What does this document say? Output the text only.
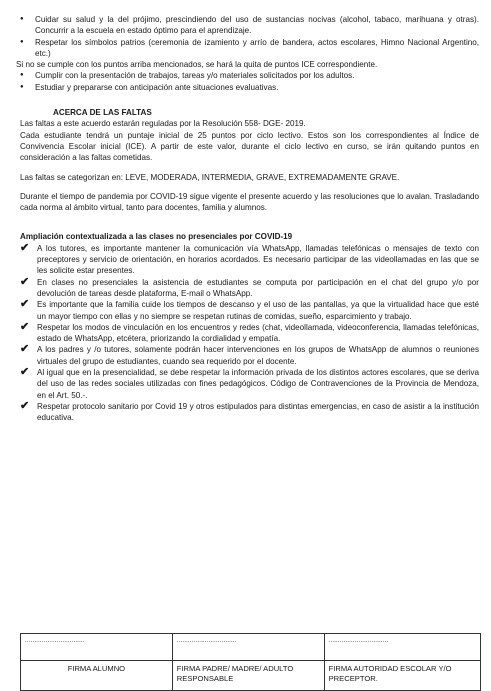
● Cuidar su salud y la del prójimo, prescindiendo del uso de sustancias nocivas (alcohol, tabaco, marihuana y otras). Concurrir a la escuela en estado óptimo para el aprendizaje.

● Respetar los símbolos patrios (ceremonia de izamiento y arrío de bandera, actos escolares, Himno Nacional Argentino, etc.)

Si no se cumple con los puntos arriba mencionados, se hará la quita de puntos ICE correspondiente.

● Cumplir con la presentación de trabajos, tareas y/o materiales solicitados por los adultos.

● Estudiar y prepararse con anticipación ante situaciones evaluativas.

ACERCA DE LAS FALTAS

Las faltas a este acuerdo estarán reguladas por la Resolución 558- DGE- 2019.

Cada estudiante tendrá un puntaje inicial de 25 puntos por ciclo lectivo. Estos son los correspondientes al Índice de Convivencia Escolar inicial (ICE). A partir de este valor, durante el ciclo lectivo en curso, se irán quitando puntos en consideración a las faltas cometidas.

Las faltas se categorizan en: LEVE, MODERADA, INTERMEDIA, GRAVE, EXTREMADAMENTE GRAVE.

Durante el tiempo de pandemia por COVID-19 sigue vigente el presente acuerdo y las resoluciones que lo avalan. Trasladando cada norma al ámbito virtual, tanto para docentes, familia y alumnos.

Ampliación contextualizada a las clases no presenciales por COVID-19

✔ A los tutores, es importante mantener la comunicación vía WhatsApp, llamadas telefónicas o mensajes de texto con preceptores y servicio de orientación, en horarios acordados. Es necesario participar de las videollamadas en las que se les solicite estar presentes.

✔ En clases no presenciales la asistencia de estudiantes se computa por participación en el chat del grupo y/o por devolución de tareas desde plataforma, E-mail o WhatsApp.

✔ Es importante que la familia cuide los tiempos de descanso y el uso de las pantallas, ya que la virtualidad hace que esté un mayor tiempo con ellas y no siempre se respetan rutinas de comidas, sueño, esparcimiento y trabajo.

✔ Respetar los modos de vinculación en los encuentros y redes (chat, videollamada, videoconferencia, llamadas telefónicas, estado de WhatsApp, etcétera, priorizando la cordialidad y empatía.

✔ A los padres y /o tutores, solamente podrán hacer intervenciones en los grupos de WhatsApp de alumnos o reuniones virtuales del grupo de estudiantes, cuando sea requerido por el docente.

✔ Al igual que en la presencialidad, se debe respetar la información privada de los distintos actores escolares, que se deriva del uso de las redes sociales utilizadas con fines pedagógicos. Código de Contravenciones de la Provincia de Mendoza, en el Art. 50.-.

✔ Respetar protocolo sanitario por Covid 19 y otros estipulados para distintas emergencias, en caso de asistir a la institución educativa.

................................	................................	................................

FIRMA ALUMNO	FIRMA PADRE/ MADRE/ ADULTO RESPONSABLE	FIRMA AUTORIDAD ESCOLAR Y/O PRECEPTOR.
